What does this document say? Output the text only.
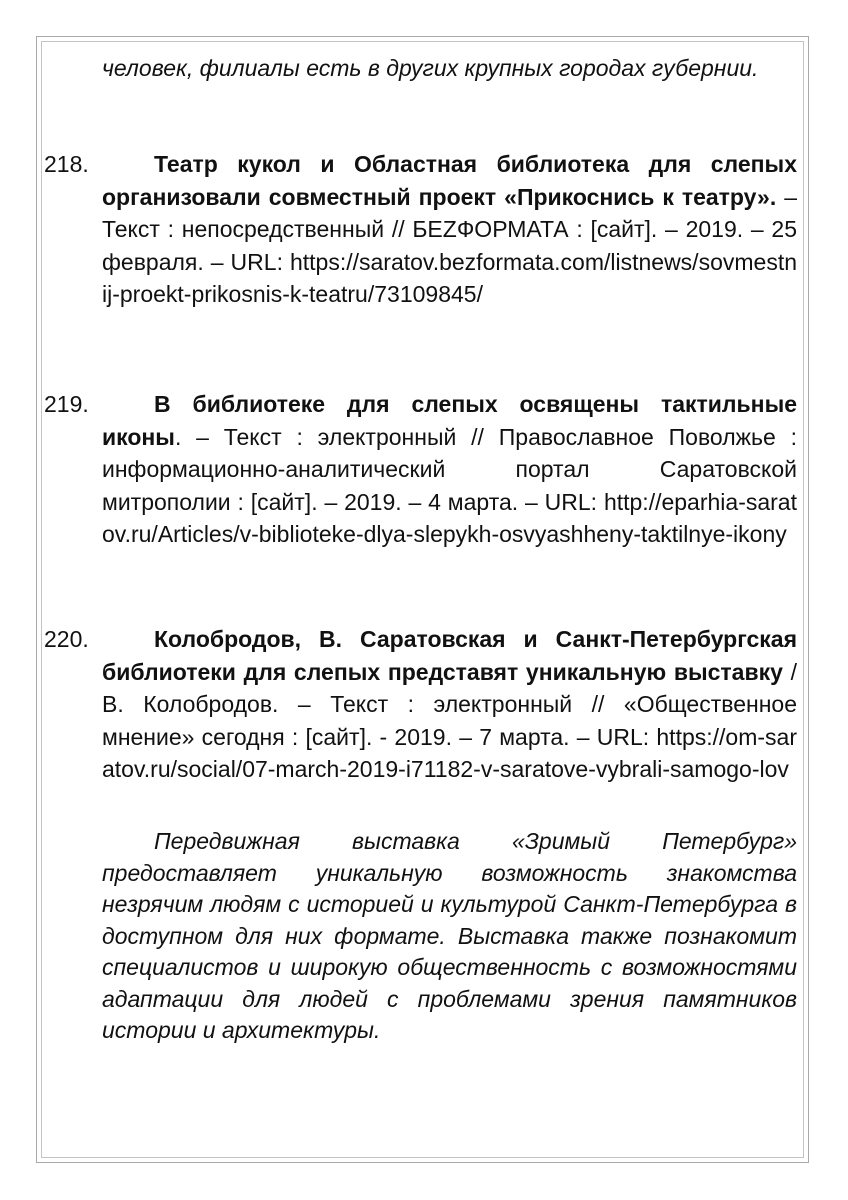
человек, филиалы есть в других крупных городах губернии.

218.	Театр кукол и Областная библиотека для слепых организовали совместный проект «Прикоснись к театру». – Текст : непосредственный // БЕZФОРМАТА : [сайт]. – 2019. – 25 февраля. – URL: https://saratov.bezformata.com/listnews/sovmestnij-proekt-prikosnis-k-teatru/73109845/

219.	В библиотеке для слепых освящены тактильные иконы. – Текст : электронный // Православное Поволжье : информационно-аналитический портал Саратовской митрополии : [сайт]. – 2019. – 4 марта. – URL: http://eparhia-saratov.ru/Articles/v-biblioteke-dlya-slepykh-osvyashheny-taktilnye-ikony

220.	Колобродов, В. Саратовская и Санкт-Петербургская библиотеки для слепых представят уникальную выставку / В. Колобродов. – Текст : электронный // «Общественное мнение» сегодня : [сайт]. - 2019. – 7 марта. – URL: https://om-saratov.ru/social/07-march-2019-i71182-v-saratove-vybrali-samogo-lov

Передвижная выставка «Зримый Петербург» предоставляет уникальную возможность знакомства незрячим людям с историей и культурой Санкт-Петербурга в доступном для них формате. Выставка также познакомит специалистов и широкую общественность с возможностями адаптации для людей с проблемами зрения памятников истории и архитектуры.
